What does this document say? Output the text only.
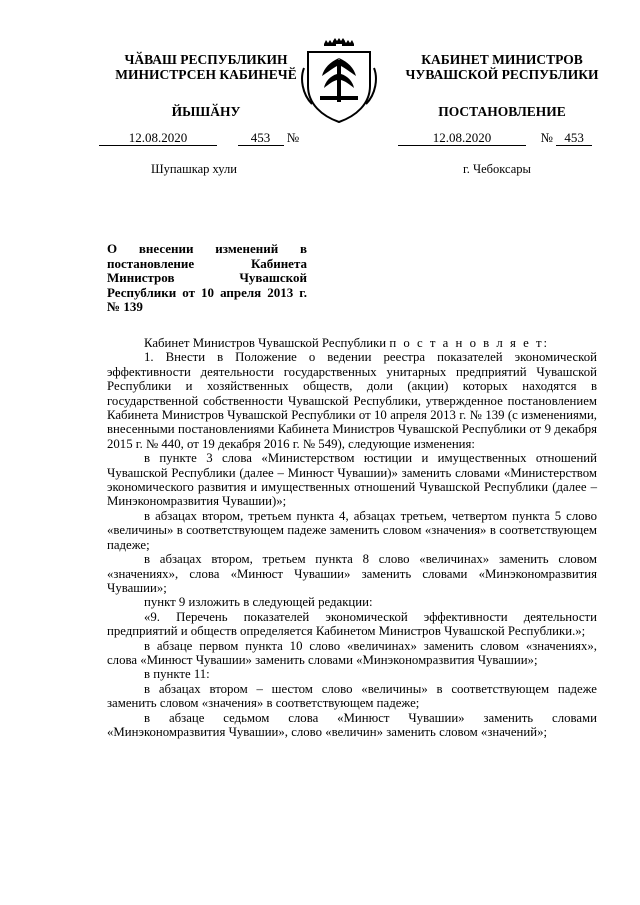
ЧӐВАШ РЕСПУБЛИКИН
МИНИСТРСЕН КАБИНЕЧӖ
ЙЫШӐНУ
КАБИНЕТ МИНИСТРОВ
ЧУВАШСКОЙ РЕСПУБЛИКИ
ПОСТАНОВЛЕНИЕ
12.08.2020	453 №	12.08.2020	№ 453
Шупашкар хули	г. Чебоксары
О внесении изменений в постановление Кабинета Министров Чувашской Республики от 10 апреля 2013 г. № 139

Кабинет Министров Чувашской Республики п о с т а н о в л я е т:

1. Внести в Положение о ведении реестра показателей экономической эффективности деятельности государственных унитарных предприятий Чувашской Республики и хозяйственных обществ, доли (акции) которых находятся в государственной собственности Чувашской Республики, утвержденное постановлением Кабинета Министров Чувашской Республики от 10 апреля 2013 г. № 139 (с изменениями, внесенными постановлениями Кабинета Министров Чувашской Республики от 9 декабря 2015 г. № 440, от 19 декабря 2016 г. № 549), следующие изменения:

в пункте 3 слова «Министерством юстиции и имущественных отношений Чувашской Республики (далее – Минюст Чувашии)» заменить словами «Министерством экономического развития и имущественных отношений Чувашской Республики (далее – Минэкономразвития Чувашии)»;

в абзацах втором, третьем пункта 4, абзацах третьем, четвертом пункта 5 слово «величины» в соответствующем падеже заменить словом «значения» в соответствующем падеже;

в абзацах втором, третьем пункта 8 слово «величинах» заменить словом «значениях», слова «Минюст Чувашии» заменить словами «Минэкономразвития Чувашии»;

пункт 9 изложить в следующей редакции:

«9. Перечень показателей экономической эффективности деятельности предприятий и обществ определяется Кабинетом Министров Чувашской Республики.»;

в абзаце первом пункта 10 слово «величинах» заменить словом «значениях», слова «Минюст Чувашии» заменить словами «Минэкономразвития Чувашии»;

в пункте 11:

в абзацах втором – шестом слово «величины» в соответствующем падеже заменить словом «значения» в соответствующем падеже;

в абзаце седьмом слова «Минюст Чувашии» заменить словами «Минэкономразвития Чувашии», слово «величин» заменить словом «значений»;
